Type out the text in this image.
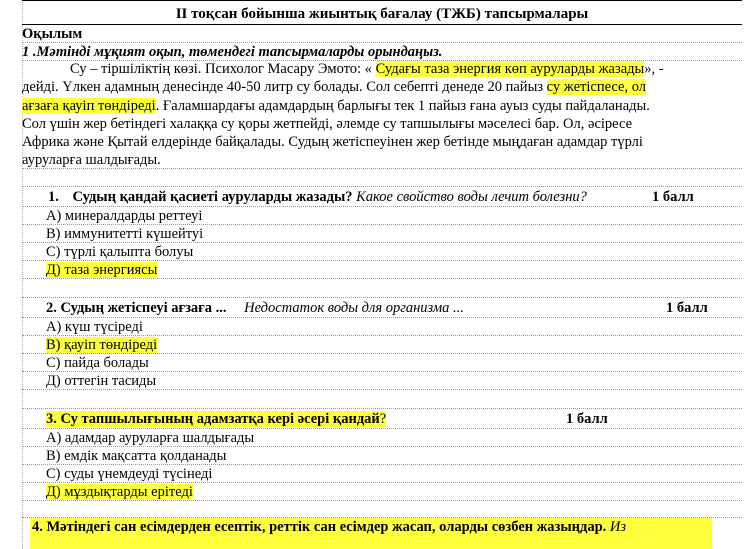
II тоқсан бойынша жиынтық бағалау (ТЖБ) тапсырмалары
Оқылым
1 .Мәтінді мұқият оқып, төмендегі тапсырмаларды орындаңыз.
Су – тіршіліктің көзі. Психолог Масару Эмото: « Судағы таза энергия көп ауруларды жазады», -
дейді. Үлкен адамның денесінде 40-50 литр су болады. Сол себепті денеде 20 пайыз су жетіспесе, ол
ағзаға қауіп төндіреді. Ғаламшардағы адамдардың барлығы тек 1 пайыз ғана ауыз суды пайдаланады.
Сол үшін жер бетіндегі халаққа су қоры жетпейді, әлемде су тапшылығы мәселесі бар. Ол, әсіресе
Африка және Қытай елдерінде байқалады. Судың жетіспеуінен жер бетінде мыңдаған адамдар түрлі
ауруларға шалдығады.
1. Судың қандай қасиеті ауруларды жазады? Какое свойство воды лечит болезни?	1 балл
А) минералдарды реттеуі
В) иммунитетті күшейтуі
С) түрлі қалыпта болуы
Д) таза энергиясы
2. Судың жетіспеуі ағзаға ... Недостаток воды для организма ...	1 балл
А) күш түсіреді
В) қауіп төндіреді
С) пайда болады
Д) оттегін тасиды
3. Су тапшылығының адамзатқа кері әсері қандай?	1 балл
А) адамдар ауруларға шалдығады
В) емдік мақсатта қолданады
С) суды үнемдеуді түсінеді
Д) мұздықтарды ерітеді
4. Мәтіндегі сан есімдерден есептік, реттік сан есімдер жасап, оларды сөзбен жазыңдар. Из
